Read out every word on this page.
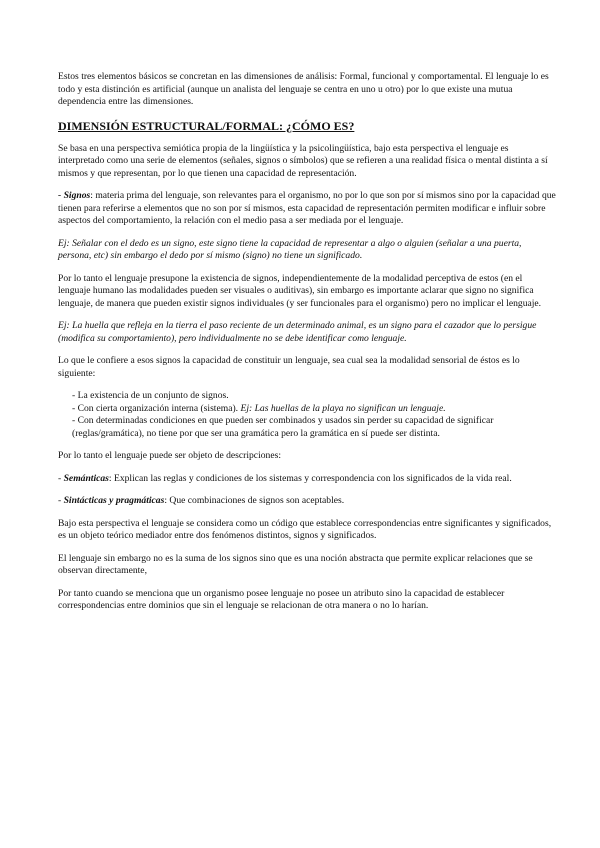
Estos tres elementos básicos se concretan en las dimensiones de análisis: Formal, funcional y comportamental. El lenguaje lo es todo y esta distinción es artificial (aunque un analista del lenguaje se centra en uno u otro) por lo que existe una mutua dependencia entre las dimensiones.

DIMENSIÓN ESTRUCTURAL/FORMAL: ¿CÓMO ES?

Se basa en una perspectiva semiótica propia de la lingüística y la psicolingüística, bajo esta perspectiva el lenguaje es interpretado como una serie de elementos (señales, signos o símbolos) que se refieren a una realidad física o mental distinta a sí mismos y que representan, por lo que tienen una capacidad de representación.

- Signos: materia prima del lenguaje, son relevantes para el organismo, no por lo que son por sí mismos sino por la capacidad que tienen para referirse a elementos que no son por sí mismos, esta capacidad de representación permiten modificar e influir sobre aspectos del comportamiento, la relación con el medio pasa a ser mediada por el lenguaje.

Ej: Señalar con el dedo es un signo, este signo tiene la capacidad de representar a algo o alguien (señalar a una puerta, persona, etc) sin embargo el dedo por sí mismo (signo) no tiene un significado.

Por lo tanto el lenguaje presupone la existencia de signos, independientemente de la modalidad perceptiva de estos (en el lenguaje humano las modalidades pueden ser visuales o auditivas), sin embargo es importante aclarar que signo no significa lenguaje, de manera que pueden existir signos individuales (y ser funcionales para el organismo) pero no implicar el lenguaje.

Ej: La huella que refleja en la tierra el paso reciente de un determinado animal, es un signo para el cazador que lo persigue (modifica su comportamiento), pero individualmente no se debe identificar como lenguaje.

Lo que le confiere a esos signos la capacidad de constituir un lenguaje, sea cual sea la modalidad sensorial de éstos es lo siguiente:

- La existencia de un conjunto de signos.
- Con cierta organización interna (sistema). Ej: Las huellas de la playa no significan un lenguaje.
- Con determinadas condiciones en que pueden ser combinados y usados sin perder su capacidad de significar (reglas/gramática), no tiene por que ser una gramática pero la gramática en sí puede ser distinta.

Por lo tanto el lenguaje puede ser objeto de descripciones:

- Semánticas: Explican las reglas y condiciones de los sistemas y correspondencia con los significados de la vida real.

- Sintácticas y pragmáticas: Que combinaciones de signos son aceptables.

Bajo esta perspectiva el lenguaje se considera como un código que establece correspondencias entre significantes y significados, es un objeto teórico mediador entre dos fenómenos distintos, signos y significados.

El lenguaje sin embargo no es la suma de los signos sino que es una noción abstracta que permite explicar relaciones que se observan directamente,

Por tanto cuando se menciona que un organismo posee lenguaje no posee un atributo sino la capacidad de establecer correspondencias entre dominios que sin el lenguaje se relacionan de otra manera o no lo harían.
